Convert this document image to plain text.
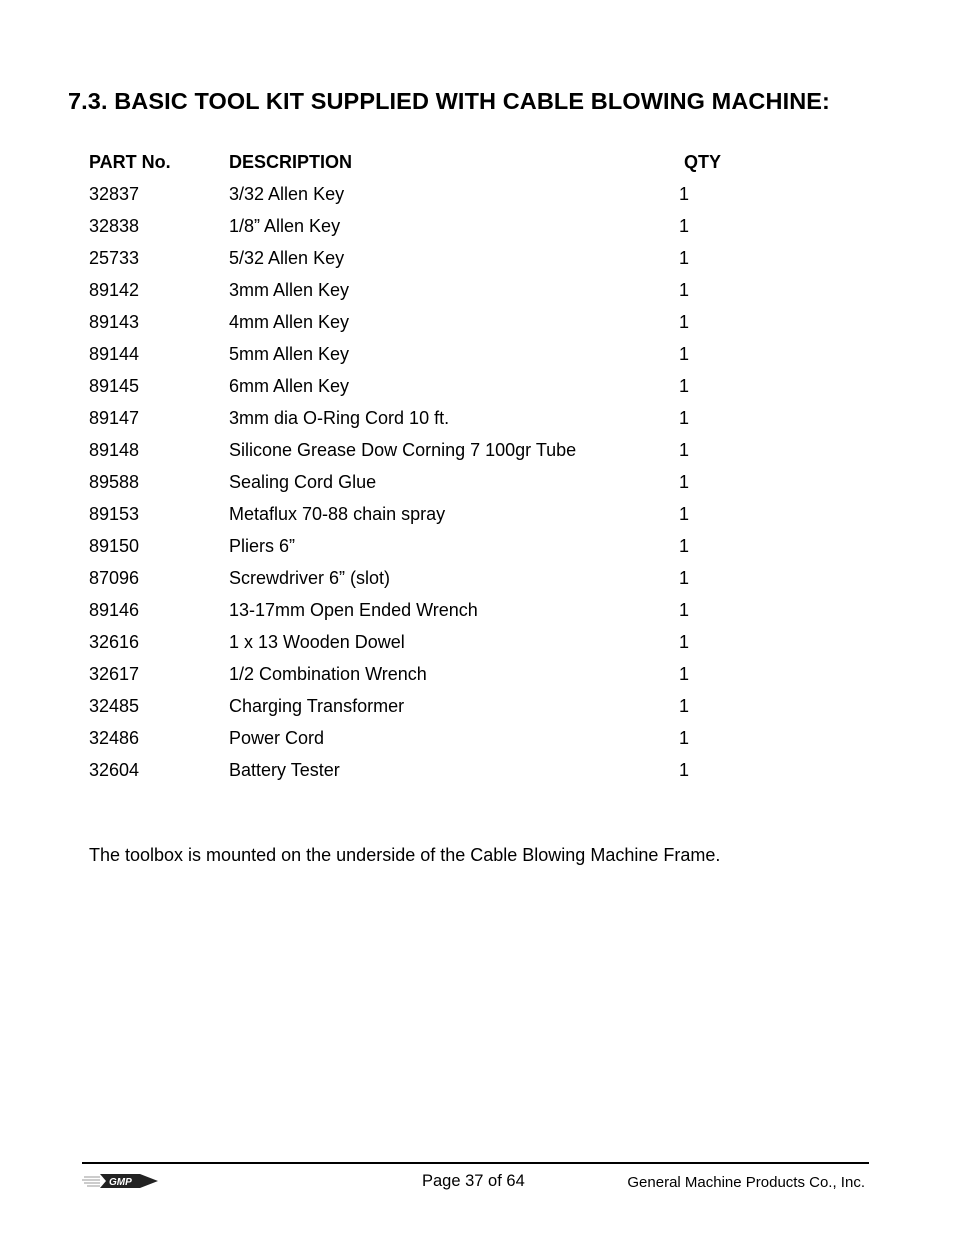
7.3. BASIC TOOL KIT SUPPLIED WITH CABLE BLOWING MACHINE:
PART No.	DESCRIPTION	QTY
32837	3/32 Allen Key	1
32838	1/8” Allen Key	1
25733	5/32 Allen Key	1
89142	3mm Allen Key	1
89143	4mm Allen Key	1
89144	5mm Allen Key	1
89145	6mm Allen Key	1
89147	3mm dia O-Ring Cord 10 ft.	1
89148	Silicone Grease Dow Corning 7 100gr Tube	1
89588	Sealing Cord Glue	1
89153	Metaflux 70-88 chain spray	1
89150	Pliers 6”	1
87096	Screwdriver 6” (slot)	1
89146	13-17mm Open Ended Wrench	1
32616	1 x 13 Wooden Dowel	1
32617	1/2 Combination Wrench	1
32485	Charging Transformer	1
32486	Power Cord	1
32604	Battery Tester	1

The toolbox is mounted on the underside of the Cable Blowing Machine Frame.

GMP	Page 37 of 64	General Machine Products Co., Inc.
